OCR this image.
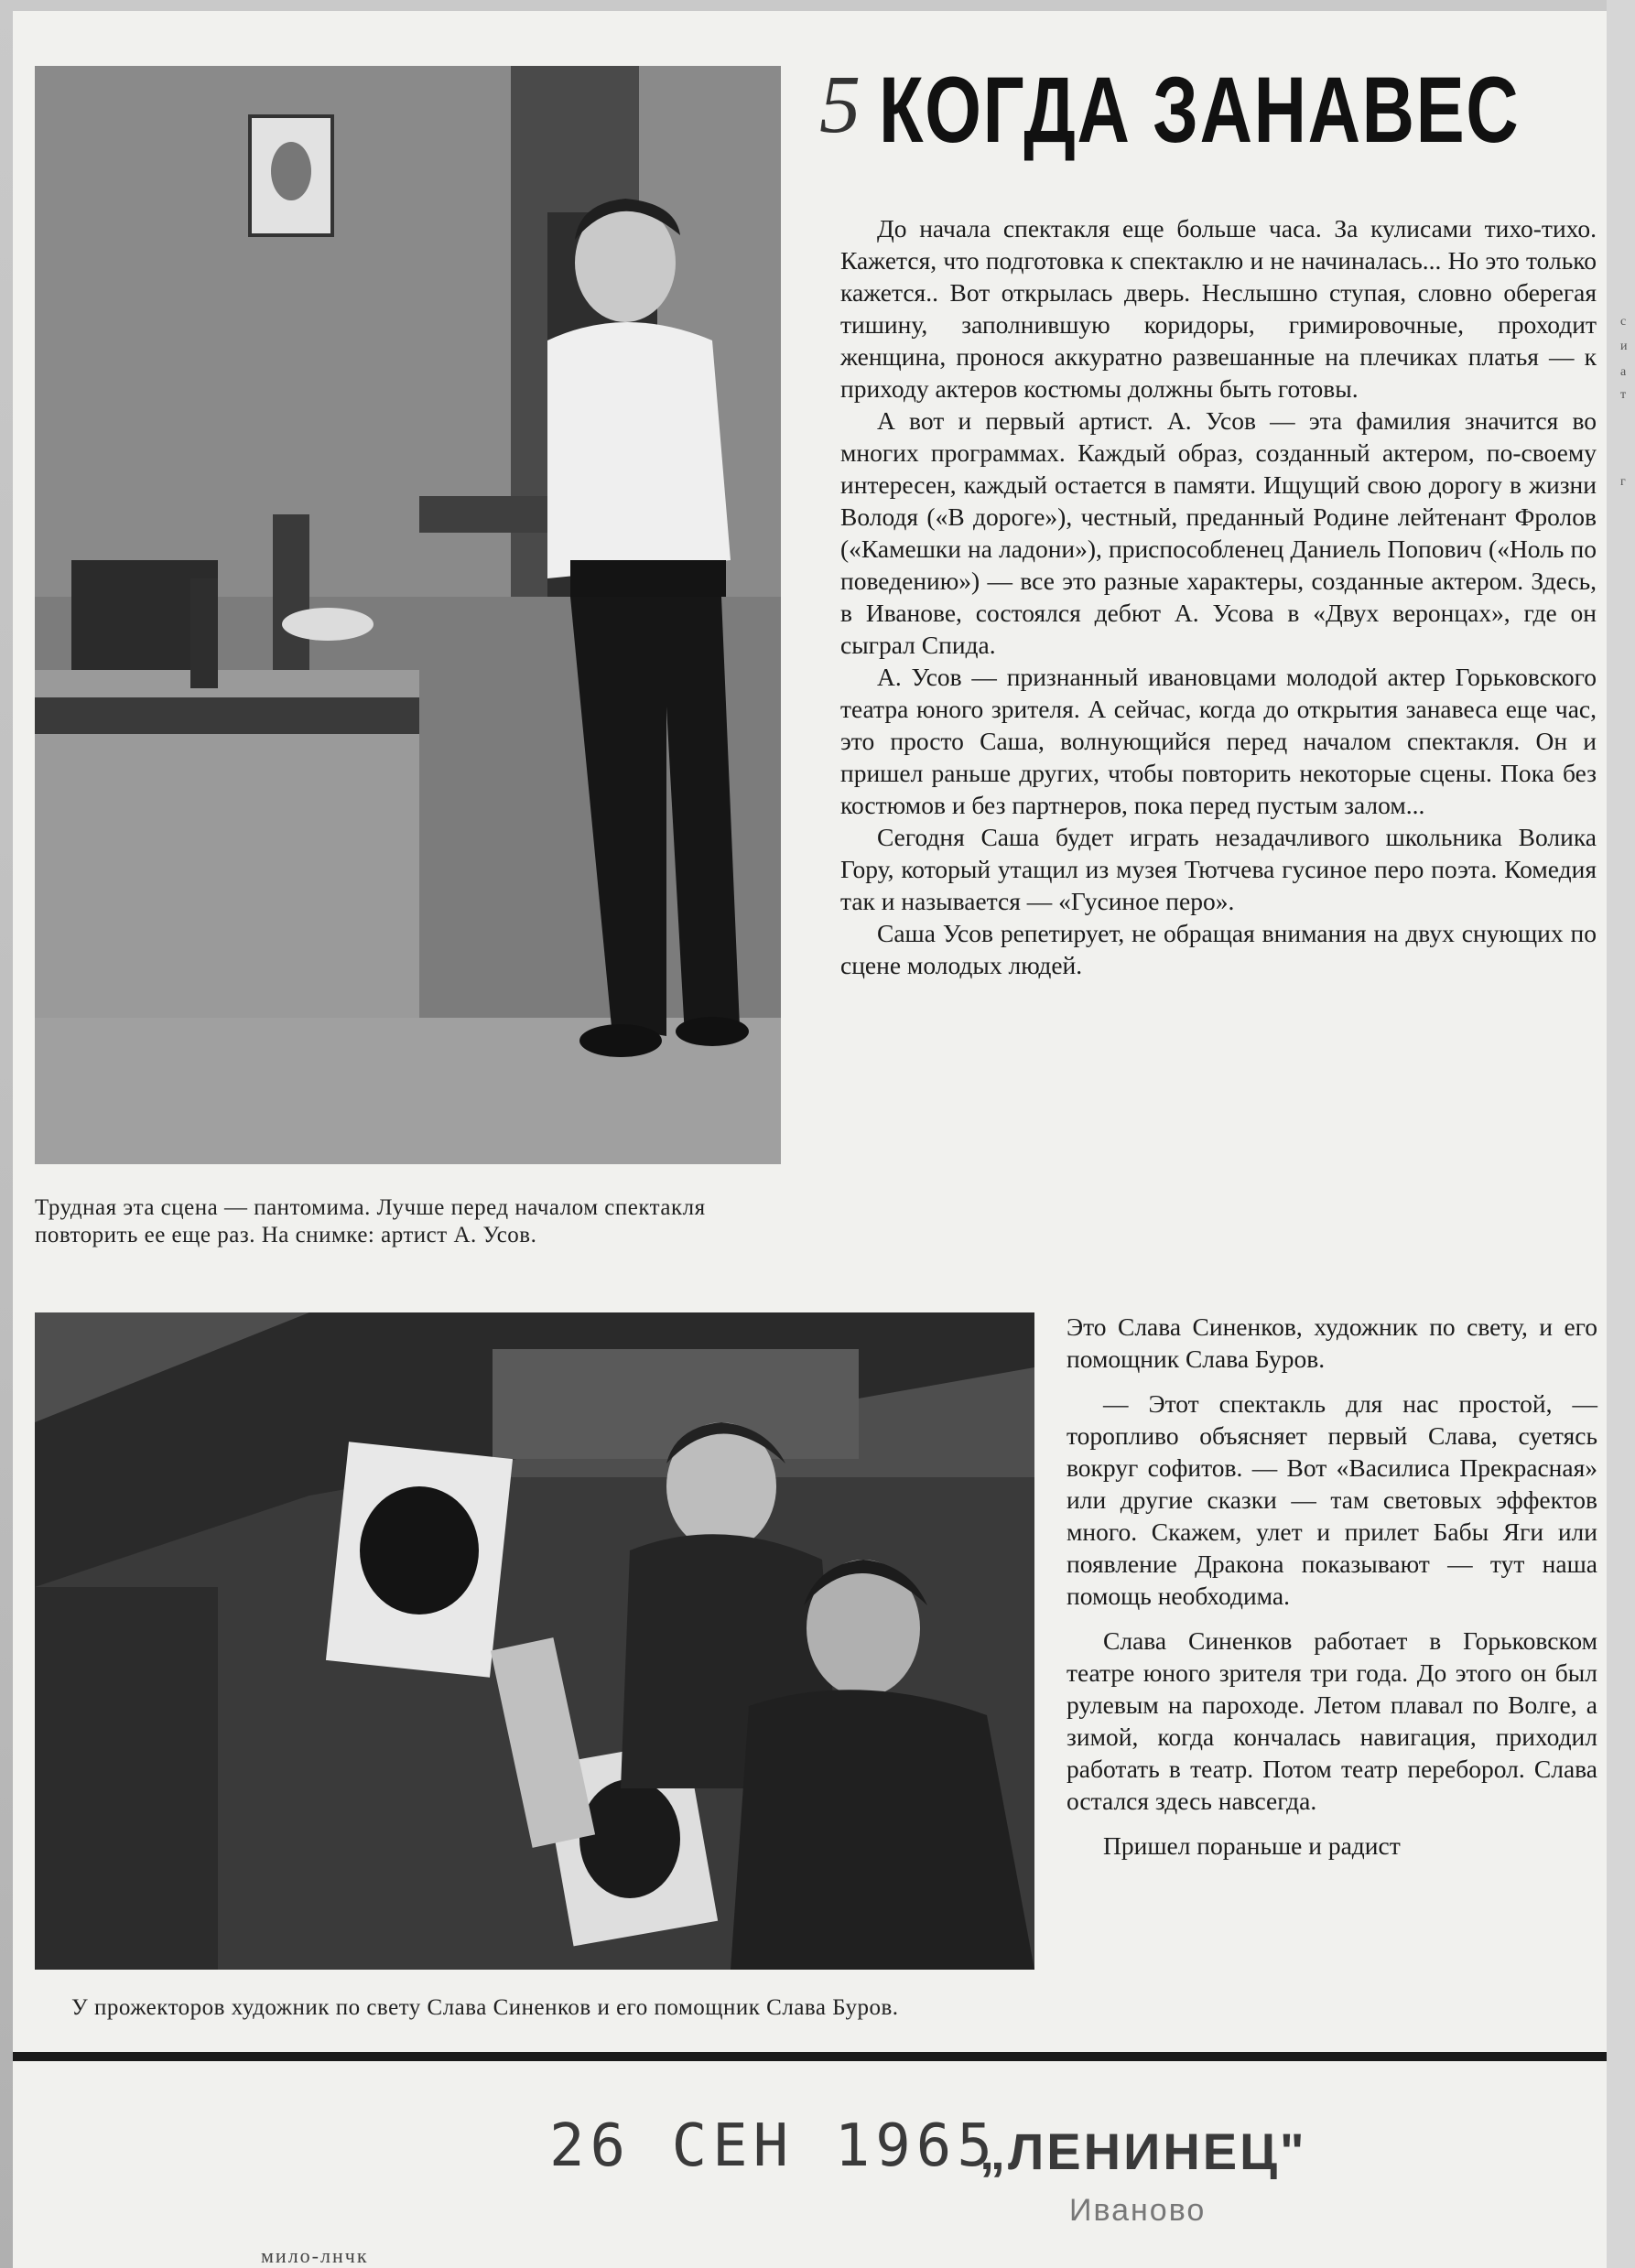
с
и
а
т
г
Трудная эта сцена — пантомима. Лучше перед началом спектакля повторить ее еще раз. На снимке: артист А. Усов.
5 КОГДА ЗАНАВЕС

До начала спектакля еще больше часа. За кулисами тихо-тихо. Кажется, что подготовка к спектаклю и не начиналась... Но это только кажется.. Вот открылась дверь. Неслышно ступая, словно оберегая тишину, заполнившую коридоры, гримировочные, проходит женщина, пронося аккуратно развешанные на плечиках платья — к приходу актеров костюмы должны быть готовы.

А вот и первый артист. А. Усов — эта фамилия значится во многих программах. Каждый образ, созданный актером, по-своему интересен, каждый остается в памяти. Ищущий свою дорогу в жизни Володя («В дороге»), честный, преданный Родине лейтенант Фролов («Камешки на ладони»), приспособленец Даниель Попович («Ноль по поведению») — все это разные характеры, созданные актером. Здесь, в Иванове, состоялся дебют А. Усова в «Двух веронцах», где он сыграл Спида.

А. Усов — признанный ивановцами молодой актер Горьковского театра юного зрителя. А сейчас, когда до открытия занавеса еще час, это просто Саша, волнующийся перед началом спектакля. Он и пришел раньше других, чтобы повторить некоторые сцены. Пока без костюмов и без партнеров, пока перед пустым залом...

Сегодня Саша будет играть незадачливого школьника Волика Гору, который утащил из музея Тютчева гусиное перо поэта. Комедия так и называется — «Гусиное перо».

Саша Усов репетирует, не обращая внимания на двух снующих по сцене молодых людей.

У прожекторов художник по свету Слава Синенков и его помощник Слава Буров.

Это Слава Синенков, художник по свету, и его помощник Слава Буров.

— Этот спектакль для нас простой, — торопливо объясняет первый Слава, суетясь вокруг софитов. — Вот «Василиса Прекрасная» или другие сказки — там световых эффектов много. Скажем, улет и прилет Бабы Яги или появление Дракона показывают — тут наша помощь необходима.

Слава Синенков работает в Горьковском театре юного зрителя три года. До этого он был рулевым на пароходе. Летом плавал по Волге, а зимой, когда кончалась навигация, приходил работать в театр. Потом театр переборол. Слава остался здесь навсегда.

Пришел пораньше и радист

26 СЕН 1965
„ЛЕНИНЕЦ"
Иваново
мило-лнчк
